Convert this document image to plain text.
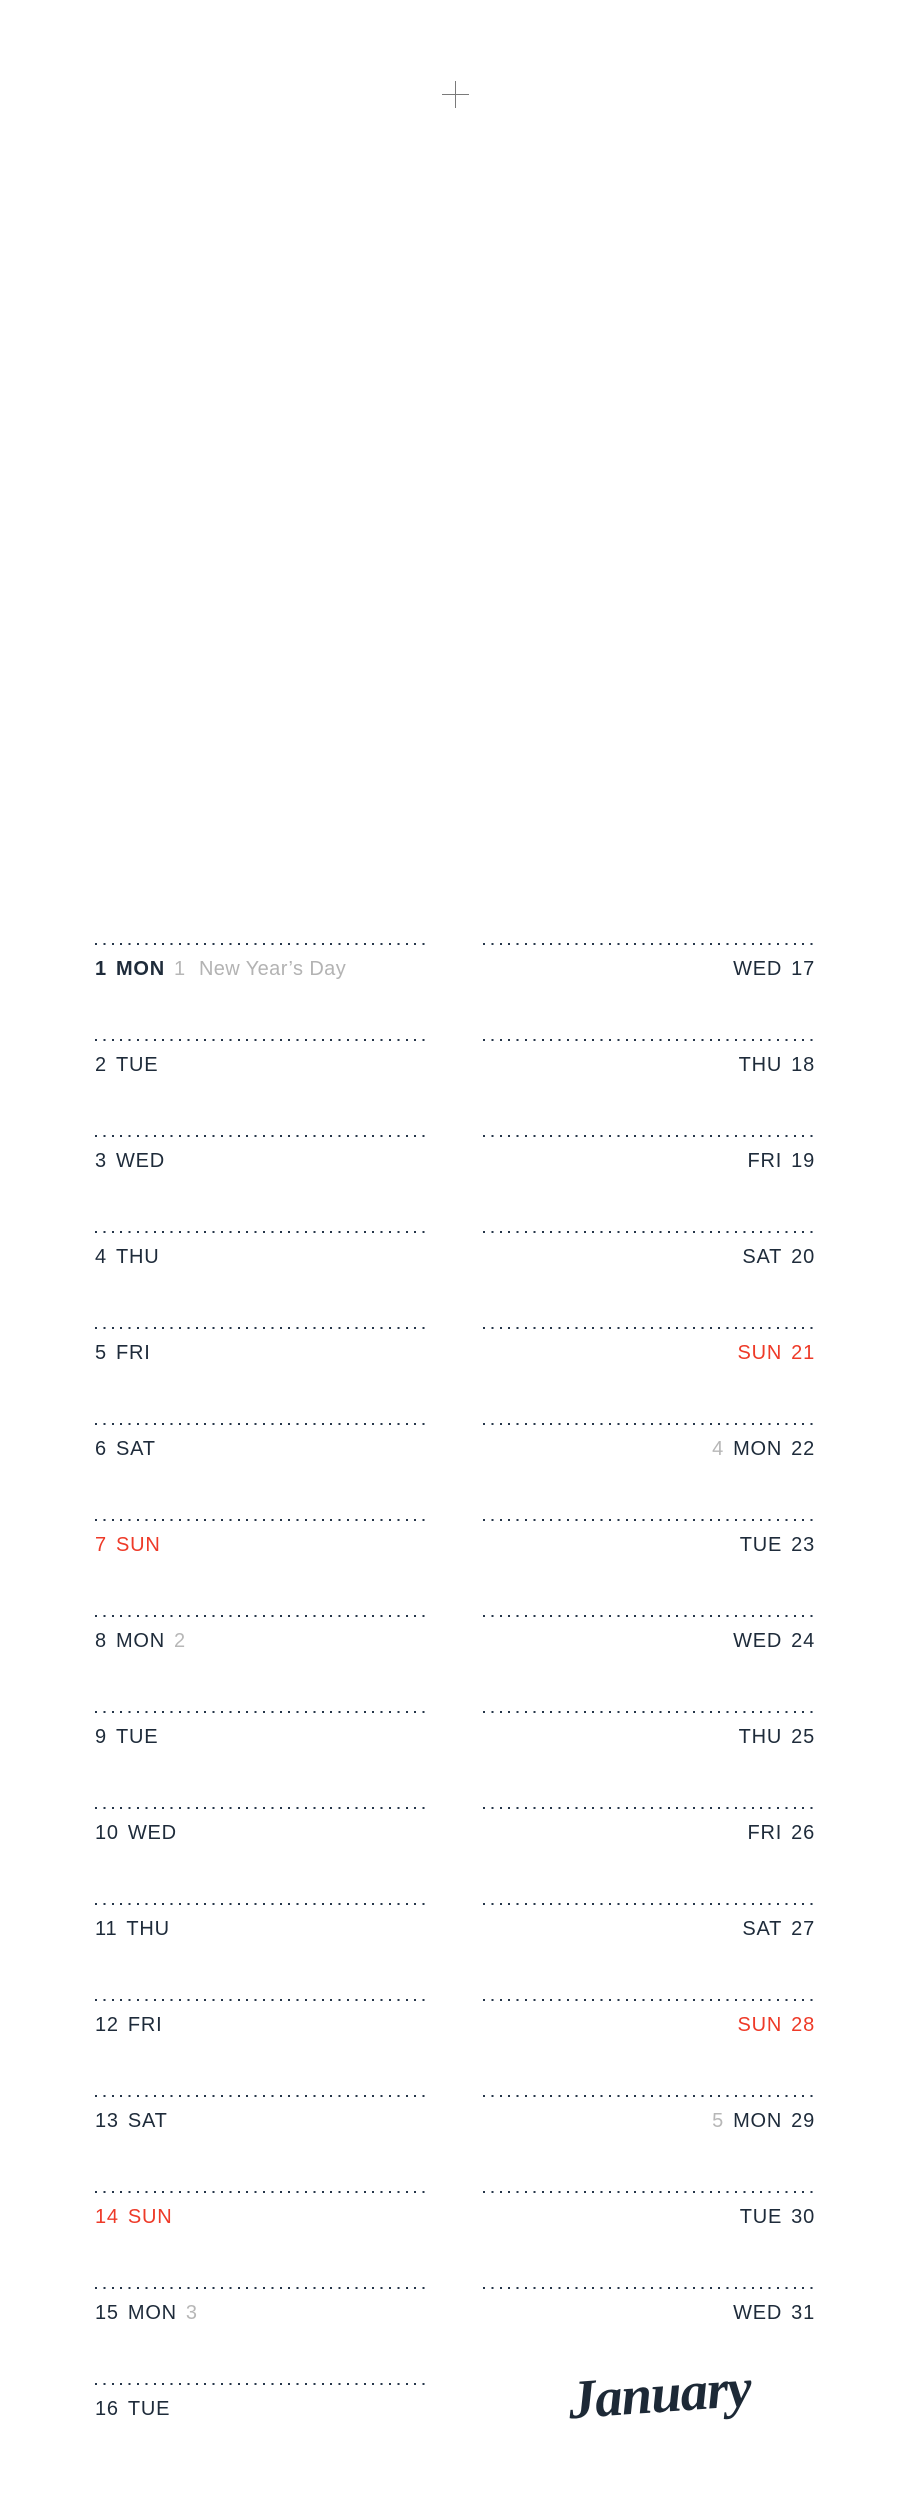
1 MON 1 New Year’s Day
2 TUE
3 WED
4 THU
5 FRI
6 SAT
7 SUN
8 MON 2
9 TUE
10 WED
11 THU
12 FRI
13 SAT
14 SUN
15 MON 3
16 TUE
WED 17
THU 18
FRI 19
SAT 20
SUN 21
4 MON 22
TUE 23
WED 24
THU 25
FRI 26
SAT 27
SUN 28
5 MON 29
TUE 30
WED 31
January
